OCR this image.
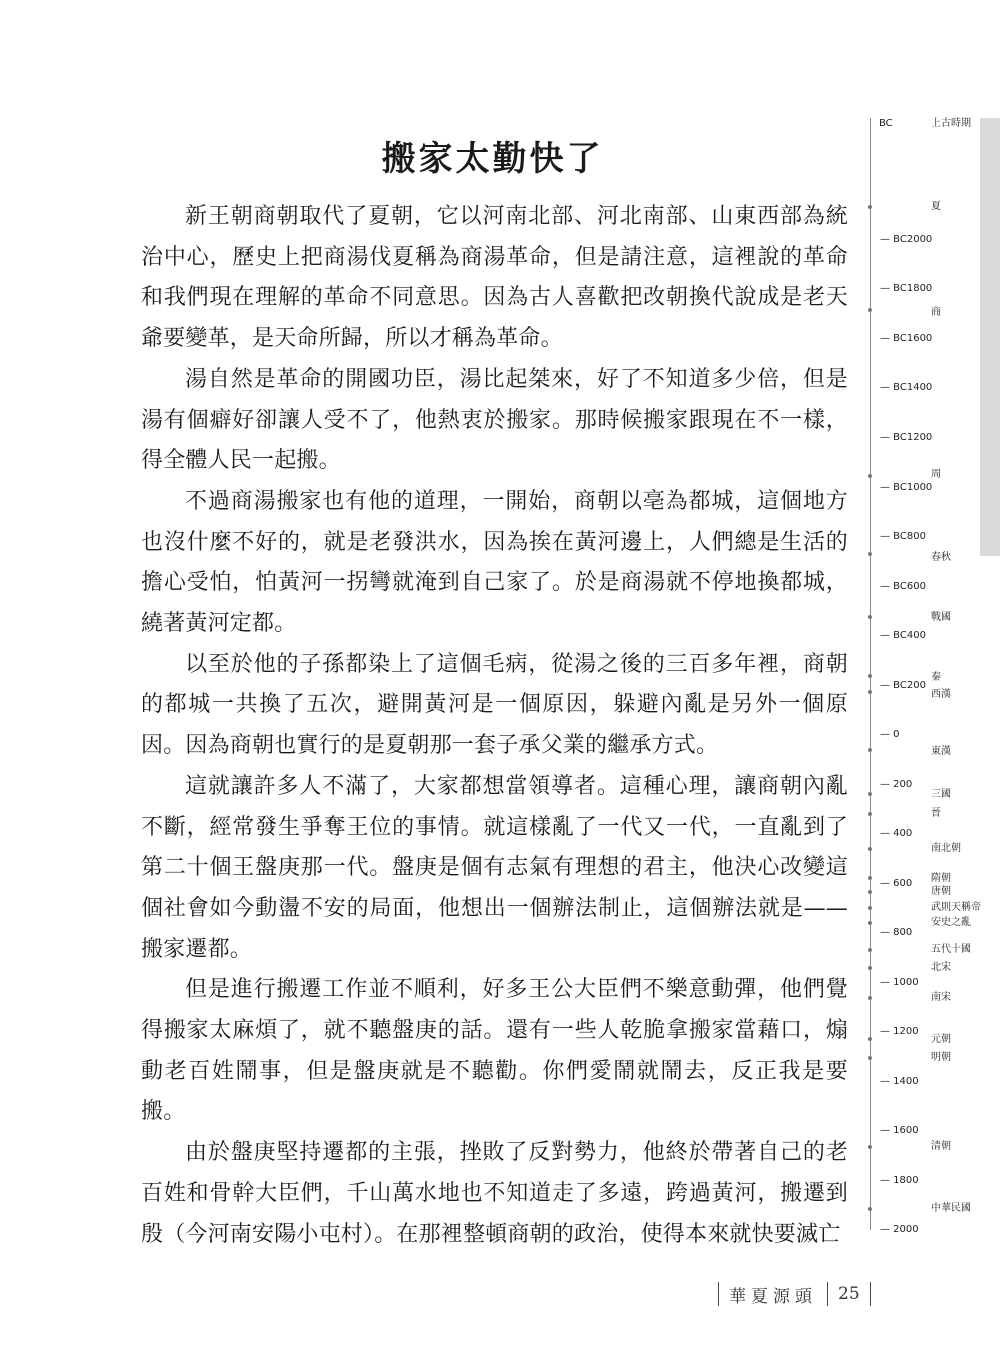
搬家太勤快了

新王朝商朝取代了夏朝，它以河南北部、河北南部、山東西部為統治中心，歷史上把商湯伐夏稱為商湯革命，但是請注意，這裡說的革命和我們現在理解的革命不同意思。因為古人喜歡把改朝換代說成是老天爺要變革，是天命所歸，所以才稱為革命。

湯自然是革命的開國功臣，湯比起桀來，好了不知道多少倍，但是湯有個癖好卻讓人受不了，他熱衷於搬家。那時候搬家跟現在不一樣，得全體人民一起搬。

不過商湯搬家也有他的道理，一開始，商朝以亳為都城，這個地方也沒什麼不好的，就是老發洪水，因為挨在黃河邊上，人們總是生活的擔心受怕，怕黃河一拐彎就淹到自己家了。於是商湯就不停地換都城，繞著黃河定都。

以至於他的子孫都染上了這個毛病，從湯之後的三百多年裡，商朝的都城一共換了五次，避開黃河是一個原因，躲避內亂是另外一個原因。因為商朝也實行的是夏朝那一套子承父業的繼承方式。

這就讓許多人不滿了，大家都想當領導者。這種心理，讓商朝內亂不斷，經常發生爭奪王位的事情。就這樣亂了一代又一代，一直亂到了第二十個王盤庚那一代。盤庚是個有志氣有理想的君主，他決心改變這個社會如今動盪不安的局面，他想出一個辦法制止，這個辦法就是——搬家遷都。

但是進行搬遷工作並不順利，好多王公大臣們不樂意動彈，他們覺得搬家太麻煩了，就不聽盤庚的話。還有一些人乾脆拿搬家當藉口，煽動老百姓鬧事，但是盤庚就是不聽勸。你們愛鬧就鬧去，反正我是要搬。

由於盤庚堅持遷都的主張，挫敗了反對勢力，他終於帶著自己的老百姓和骨幹大臣們，千山萬水地也不知道走了多遠，跨過黃河，搬遷到殷（今河南安陽小屯村）。在那裡整頓商朝的政治，使得本來就快要滅亡

BC
— BC2000
— BC1800
— BC1600
— BC1400
— BC1200
— BC1000
— BC800
— BC600
— BC400
— BC200
— 0
— 200
— 400
— 600
— 800
— 1000
— 1200
— 1400
— 1600
— 1800
— 2000
上古時期
夏
商
周
春秋
戰國
秦
西漢
東漢
三國
晉
南北朝
隋朝
唐朝
武則天稱帝
安史之亂
五代十國
北宋
南宋
元朝
明朝
清朝
中華民國
華夏源頭	25
